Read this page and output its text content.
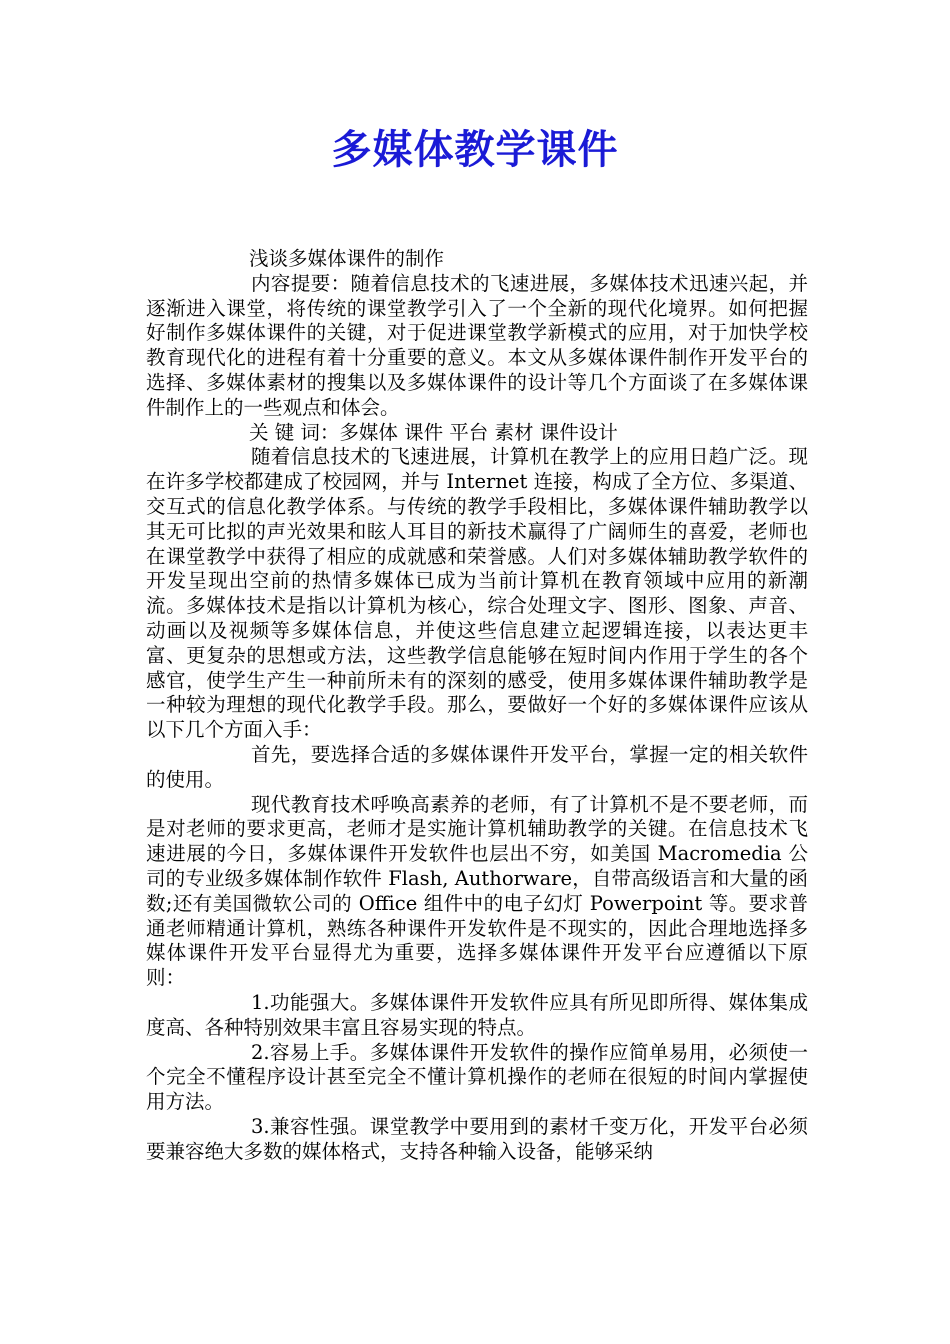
多媒体教学课件

浅谈多媒体课件的制作

内容提要：随着信息技术的飞速进展，多媒体技术迅速兴起，并逐渐进入课堂，将传统的课堂教学引入了一个全新的现代化境界。如何把握好制作多媒体课件的关键，对于促进课堂教学新模式的应用，对于加快学校教育现代化的进程有着十分重要的意义。本文从多媒体课件制作开发平台的选择、多媒体素材的搜集以及多媒体课件的设计等几个方面谈了在多媒体课件制作上的一些观点和体会。

关 键 词：多媒体 课件 平台 素材 课件设计

随着信息技术的飞速进展，计算机在教学上的应用日趋广泛。现在许多学校都建成了校园网，并与 Internet 连接，构成了全方位、多渠道、交互式的信息化教学体系。与传统的教学手段相比，多媒体课件辅助教学以其无可比拟的声光效果和眩人耳目的新技术赢得了广阔师生的喜爱，老师也在课堂教学中获得了相应的成就感和荣誉感。人们对多媒体辅助教学软件的开发呈现出空前的热情多媒体已成为当前计算机在教育领域中应用的新潮流。多媒体技术是指以计算机为核心，综合处理文字、图形、图象、声音、动画以及视频等多媒体信息，并使这些信息建立起逻辑连接，以表达更丰富、更复杂的思想或方法，这些教学信息能够在短时间内作用于学生的各个感官，使学生产生一种前所未有的深刻的感受，使用多媒体课件辅助教学是一种较为理想的现代化教学手段。那么，要做好一个好的多媒体课件应该从以下几个方面入手：

首先，要选择合适的多媒体课件开发平台，掌握一定的相关软件的使用。

现代教育技术呼唤高素养的老师，有了计算机不是不要老师，而是对老师的要求更高，老师才是实施计算机辅助教学的关键。在信息技术飞速进展的今日，多媒体课件开发软件也层出不穷，如美国 Macromedia 公司的专业级多媒体制作软件 Flash, Authorware，自带高级语言和大量的函数;还有美国微软公司的 Office 组件中的电子幻灯 Powerpoint 等。要求普通老师精通计算机，熟练各种课件开发软件是不现实的，因此合理地选择多媒体课件开发平台显得尤为重要，选择多媒体课件开发平台应遵循以下原则：

1.功能强大。多媒体课件开发软件应具有所见即所得、媒体集成度高、各种特别效果丰富且容易实现的特点。

2.容易上手。多媒体课件开发软件的操作应简单易用，必须使一个完全不懂程序设计甚至完全不懂计算机操作的老师在很短的时间内掌握使用方法。

3.兼容性强。课堂教学中要用到的素材千变万化，开发平台必须要兼容绝大多数的媒体格式，支持各种输入设备，能够采纳
